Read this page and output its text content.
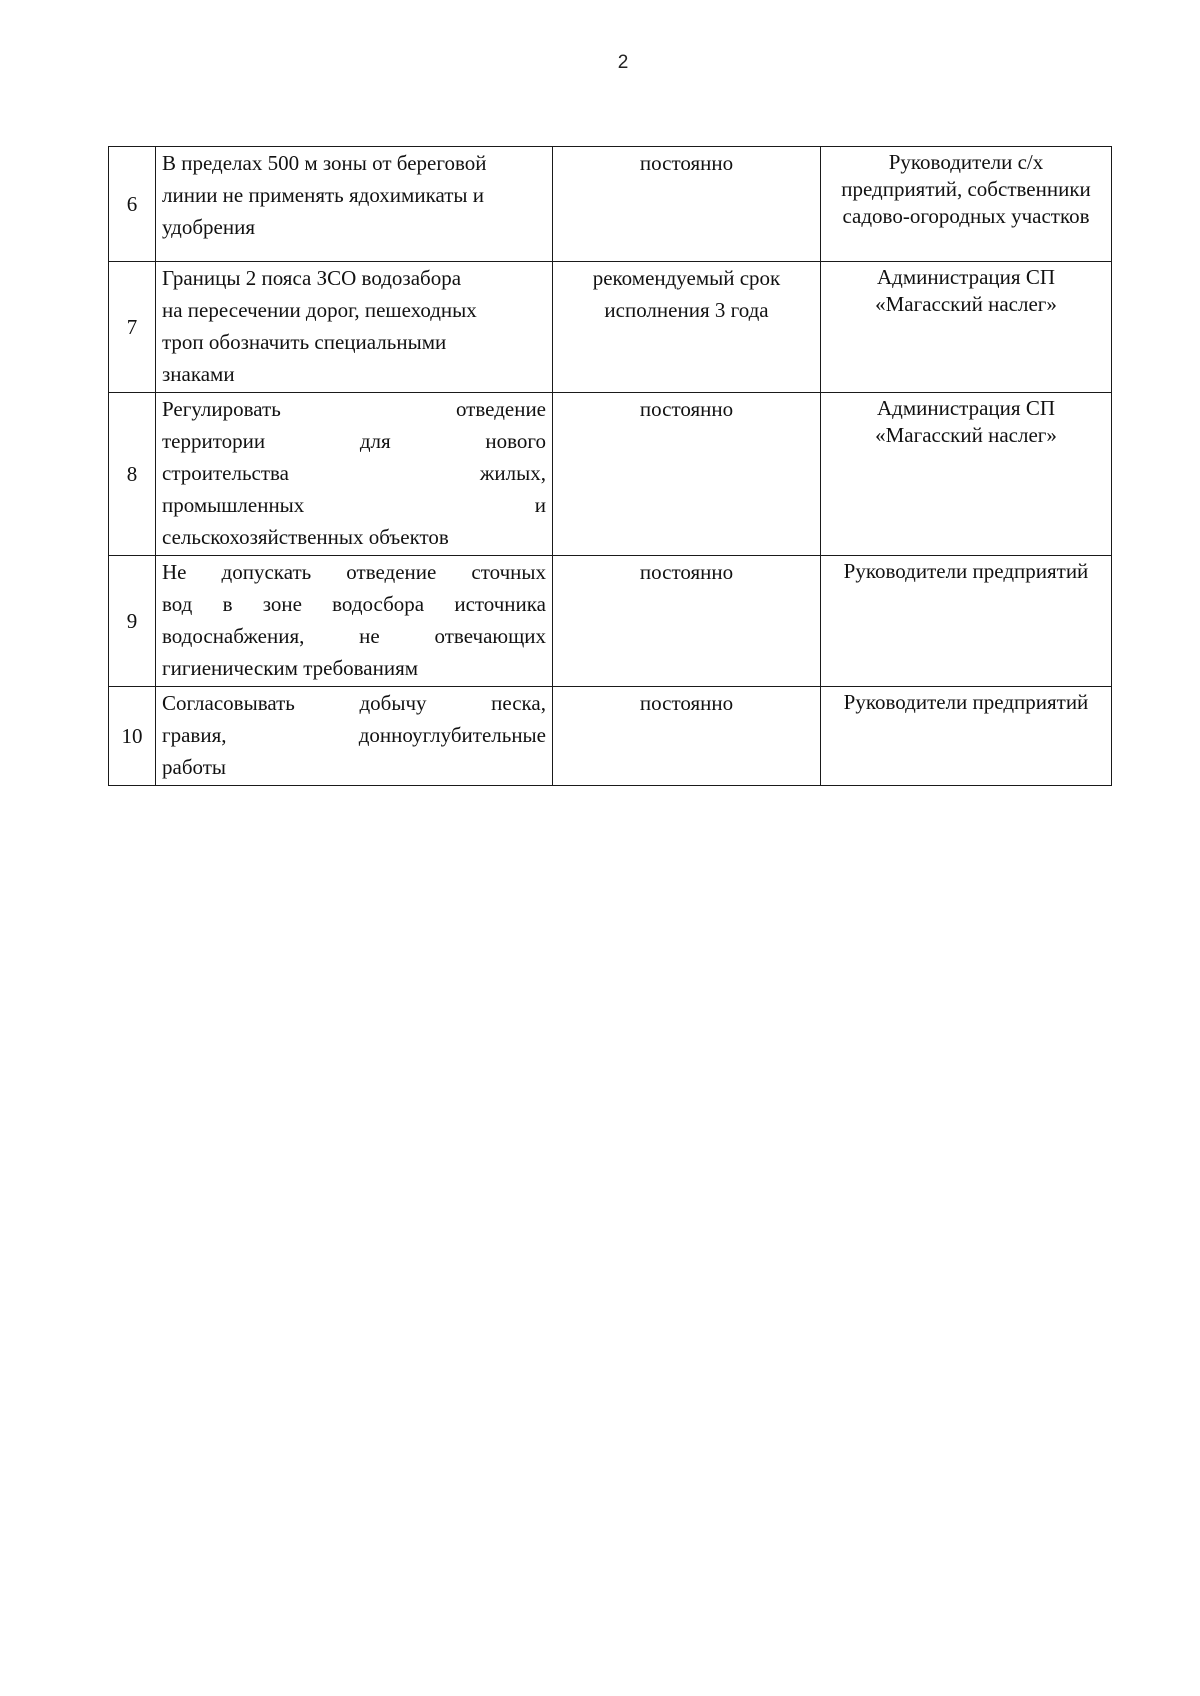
2
6	В пределах 500 м зоны от береговой
линии не применять ядохимикаты и
удобрения	постоянно	Руководители с/х предприятий, собственники садово-огородных участков
7	Границы 2 пояса ЗСО водозабора
на пересечении дорог, пешеходных
троп обозначить специальными
знаками	рекомендуемый срок исполнения 3 года	Администрация СП «Магасский наслег»
8	Регулировать отведение
территории для нового
строительства жилых,
промышленных и
сельскохозяйственных объектов	постоянно	Администрация СП «Магасский наслег»
9	Не допускать отведение сточных
вод в зоне водосбора источника
водоснабжения, не отвечающих
гигиеническим требованиям	постоянно	Руководители предприятий
10	Согласовывать добычу песка,
гравия, донноуглубительные
работы	постоянно	Руководители предприятий
